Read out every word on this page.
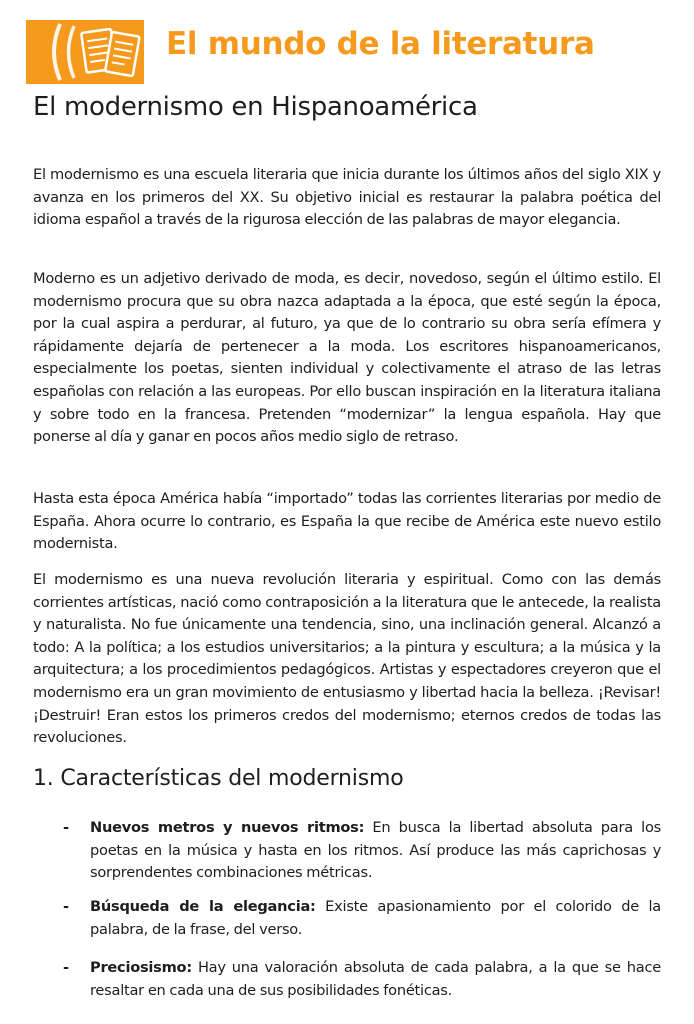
El mundo de la literatura
El modernismo en Hispanoamérica

El modernismo es una escuela literaria que inicia durante los últimos años del siglo XIX y avanza en los primeros del XX. Su objetivo inicial es restaurar la palabra poética del idioma español a través de la rigurosa elección de las palabras de mayor elegancia.

Moderno es un adjetivo derivado de moda, es decir, novedoso, según el último estilo. El modernismo procura que su obra nazca adaptada a la época, que esté según la época, por la cual aspira a perdurar, al futuro, ya que de lo contrario su obra sería efímera y rápidamente dejaría de pertenecer a la moda. Los escritores hispanoamericanos, especialmente los poetas, sienten individual y colectivamente el atraso de las letras españolas con relación a las europeas. Por ello buscan inspiración en la literatura italiana y sobre todo en la francesa. Pretenden “modernizar” la lengua española. Hay que ponerse al día y ganar en pocos años medio siglo de retraso.

Hasta esta época América había “importado” todas las corrientes literarias por medio de España. Ahora ocurre lo contrario, es España la que recibe de América este nuevo estilo modernista.

El modernismo es una nueva revolución literaria y espiritual. Como con las demás corrientes artísticas, nació como contraposición a la literatura que le antecede, la realista y naturalista. No fue únicamente una tendencia, sino, una inclinación general. Alcanzó a todo: A la política; a los estudios universitarios; a la pintura y escultura; a la música y la arquitectura; a los procedimientos pedagógicos. Artistas y espectadores creyeron que el modernismo era un gran movimiento de entusiasmo y libertad hacia la belleza. ¡Revisar! ¡Destruir! Eran estos los primeros credos del modernismo; eternos credos de todas las revoluciones.

1. Características del modernismo
- Nuevos metros y nuevos ritmos: En busca la libertad absoluta para los poetas en la música y hasta en los ritmos. Así produce las más caprichosas y sorprendentes combinaciones métricas.
- Búsqueda de la elegancia: Existe apasionamiento por el colorido de la palabra, de la frase, del verso.
- Preciosismo: Hay una valoración absoluta de cada palabra, a la que se hace resaltar en cada una de sus posibilidades fonéticas.
